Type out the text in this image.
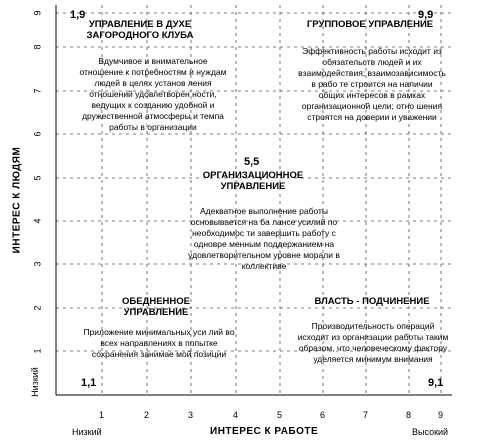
ИНТЕРЕС К РАБОТЕ
ИНТЕРЕС К ЛЮДЯМ
Низкий	Высокий
Низкий
1	2	3	4	5	6	7	8	9
1
2
3
4
5
6
7
8
9 1,9
УПРАВЛЕНИЕ В ДУХЕ ЗАГОРОДНОГО КЛУБА
Вдумчивое и внимательное отношение к потребностям и нуждам людей в целях установ ления отношений удовлетворен ности, ведущих к созданию удобной и дружественной атмосферы и темпа работы в организации
9,9
ГРУППОВОЕ УПРАВЛЕНИЕ
Эффективность работы исходит из обязательств людей и их взаимодействия; взаимозависимость в рабо те строится на наличии общих интересов в рамках организационной цели; отно шения строятся на доверии и уважении
5,5
ОРГАНИЗАЦИОННОЕ УПРАВЛЕНИЕ
Адекватное выполнение работы основывается на ба лансе усилий по необходимос ти завершить работу с одновре менным поддержанием на удовлетворительном уровне морали в коллективе
1,1
ОБЕДНЕННОЕ УПРАВЛЕНИЕ
Приложение минимальных уси лий во всех направлениях в попытке сохранения занимае мой позиции
9,1
ВЛАСТЬ - ПОДЧИНЕНИЕ
Производительность операций исходит из организации работы таким образом, что человеческому фактору уделяется минимум внимания
